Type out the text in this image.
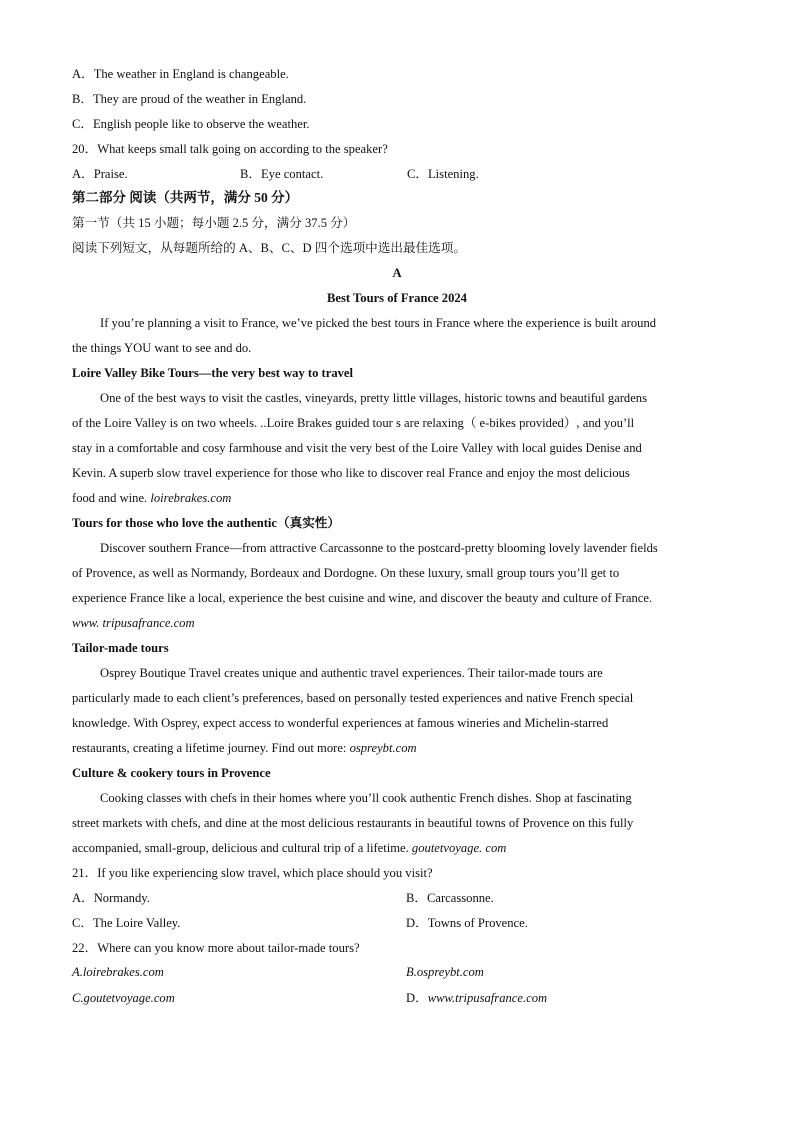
A．The weather in England is changeable.
B．They are proud of the weather in England.
C．English people like to observe the weather.
20．What keeps small talk going on according to the speaker?
A．Praise.	B．Eye contact.	C．Listening.
第二部分 阅读（共两节，满分 50 分）
第一节（共 15 小题；每小题 2.5 分，满分 37.5 分）
阅读下列短文，从每题所给的 A、B、C、D 四个选项中选出最佳选项。
A
Best Tours of France 2024
If you’re planning a visit to France, we’ve picked the best tours in France where the experience is built around
the things YOU want to see and do.
Loire Valley Bike Tours—the very best way to travel
One of the best ways to visit the castles, vineyards, pretty little villages, historic towns and beautiful gardens
of the Loire Valley is on two wheels. ..Loire Brakes guided tour s are relaxing（ e-bikes provided）, and you’ll
stay in a comfortable and cosy farmhouse and visit the very best of the Loire Valley with local guides Denise and
Kevin. A superb slow travel experience for those who like to discover real France and enjoy the most delicious
food and wine. loirebrakes.com
Tours for those who love the authentic（真实性）
Discover southern France—from attractive Carcassonne to the postcard-pretty blooming lovely lavender fields
of Provence, as well as Normandy, Bordeaux and Dordogne. On these luxury, small group tours you’ll get to
experience France like a local, experience the best cuisine and wine, and discover the beauty and culture of France.
www. tripusafrance.com
Tailor-made tours
Osprey Boutique Travel creates unique and authentic travel experiences. Their tailor-made tours are
particularly made to each client’s preferences, based on personally tested experiences and native French special
knowledge. With Osprey, expect access to wonderful experiences at famous wineries and Michelin-starred
restaurants, creating a lifetime journey. Find out more: ospreybt.com
Culture & cookery tours in Provence
Cooking classes with chefs in their homes where you’ll cook authentic French dishes. Shop at fascinating
street markets with chefs, and dine at the most delicious restaurants in beautiful towns of Provence on this fully
accompanied, small-group, delicious and cultural trip of a lifetime. goutetvoyage. com
21．If you like experiencing slow travel, which place should you visit?
A．Normandy.	B．Carcassonne.
C．The Loire Valley.	D．Towns of Provence.
22．Where can you know more about tailor-made tours?
A.loirebrakes.com	B.ospreybt.com
C.goutetvoyage.com	D．www.tripusafrance.com
